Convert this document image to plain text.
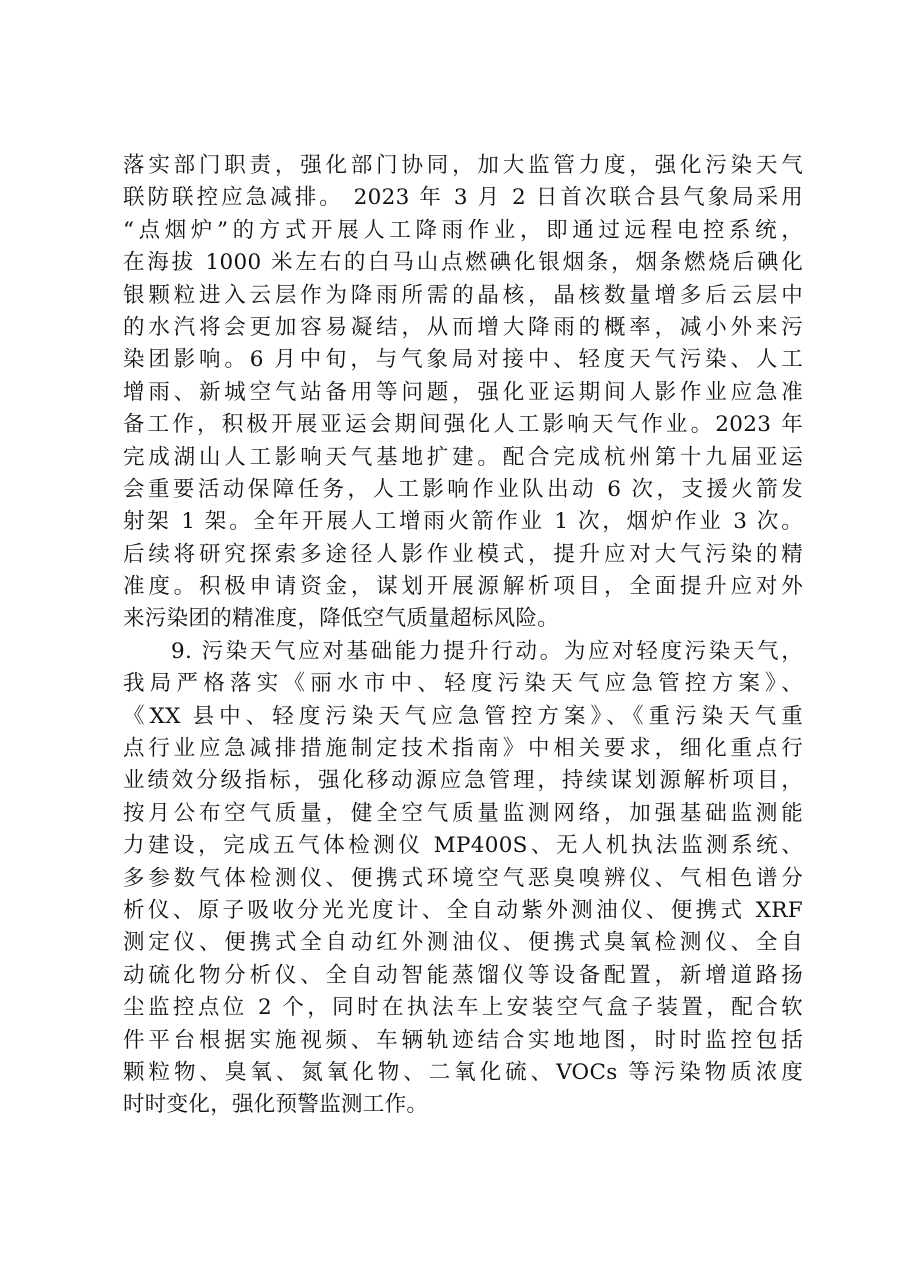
落实部门职责，强化部门协同，加大监管力度，强化污染天气
联防联控应急减排。 2023 年 3 月 2 日首次联合县气象局采用
“点烟炉”的方式开展人工降雨作业，即通过远程电控系统，
在海拔 1000 米左右的白马山点燃碘化银烟条，烟条燃烧后碘化
银颗粒进入云层作为降雨所需的晶核，晶核数量增多后云层中
的水汽将会更加容易凝结，从而增大降雨的概率，减小外来污
染团影响。6 月中旬，与气象局对接中、轻度天气污染、人工
增雨、新城空气站备用等问题，强化亚运期间人影作业应急准
备工作，积极开展亚运会期间强化人工影响天气作业。2023 年
完成湖山人工影响天气基地扩建。配合完成杭州第十九届亚运
会重要活动保障任务，人工影响作业队出动 6 次，支援火箭发
射架 1 架。全年开展人工增雨火箭作业 1 次，烟炉作业 3 次。
后续将研究探索多途径人影作业模式，提升应对大气污染的精
准度。积极申请资金，谋划开展源解析项目，全面提升应对外
来污染团的精准度，降低空气质量超标风险。
9. 污染天气应对基础能力提升行动。为应对轻度污染天气，
我局严格落实《丽水市中、轻度污染天气应急管控方案》、
《XX 县中、轻度污染天气应急管控方案》、《重污染天气重
点行业应急减排措施制定技术指南》中相关要求，细化重点行
业绩效分级指标，强化移动源应急管理，持续谋划源解析项目，
按月公布空气质量，健全空气质量监测网络，加强基础监测能
力建设，完成五气体检测仪 MP400S、无人机执法监测系统、
多参数气体检测仪、便携式环境空气恶臭嗅辨仪、气相色谱分
析仪、原子吸收分光光度计、全自动紫外测油仪、便携式 XRF
测定仪、便携式全自动红外测油仪、便携式臭氧检测仪、全自
动硫化物分析仪、全自动智能蒸馏仪等设备配置，新增道路扬
尘监控点位 2 个，同时在执法车上安装空气盒子装置，配合软
件平台根据实施视频、车辆轨迹结合实地地图，时时监控包括
颗粒物、臭氧、氮氧化物、二氧化硫、VOCs 等污染物质浓度
时时变化，强化预警监测工作。
